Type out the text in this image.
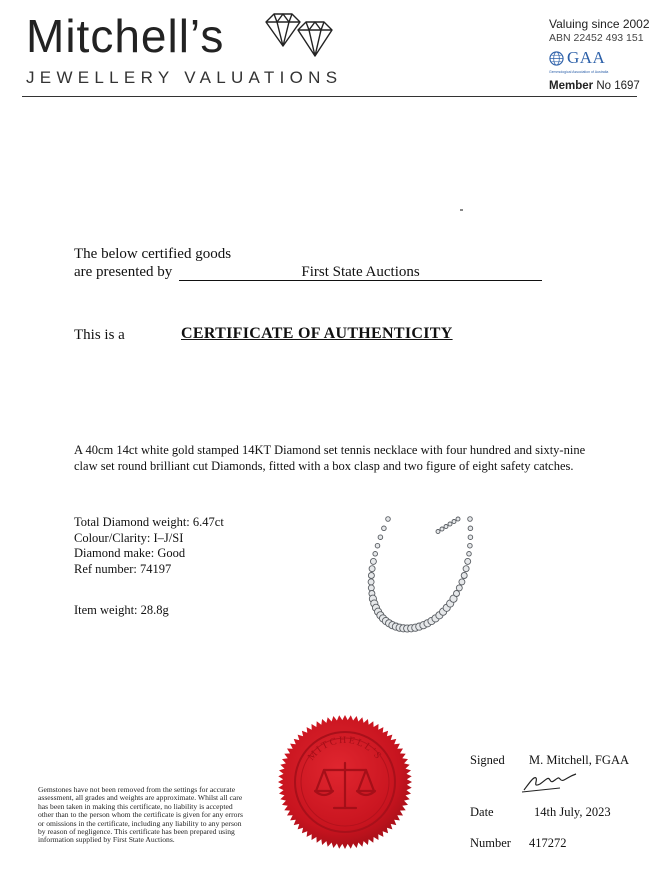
Mitchell’s
JEWELLERY VALUATIONS
Valuing since 2002
ABN 22452 493 151
GAA
Gemmological Association of Australia
Member No 1697
The below certified goods
are presented by	First State Auctions
This is a	CERTIFICATE OF AUTHENTICITY
A 40cm 14ct white gold stamped 14KT Diamond set tennis necklace with four hundred and sixty-nine claw set round brilliant cut Diamonds, fitted with a box clasp and two figure of eight safety catches.
Total Diamond weight: 6.47ct
Colour/Clarity: I–J/SI
Diamond make: Good
Ref number: 74197
Item weight: 28.8g
Gemstones have not been removed from the settings for accurate assessment, all grades and weights are approximate. Whilst all care has been taken in making this certificate, no liability is accepted other than to the person whom the certificate is given for any errors or omissions in the certificate, including any liability to any person by reason of negligence. This certificate has been prepared using information supplied by First State Auctions.
MITCHELL'S	Signed M. Mitchell, FGAA
Date	14th July, 2023
Number 417272
